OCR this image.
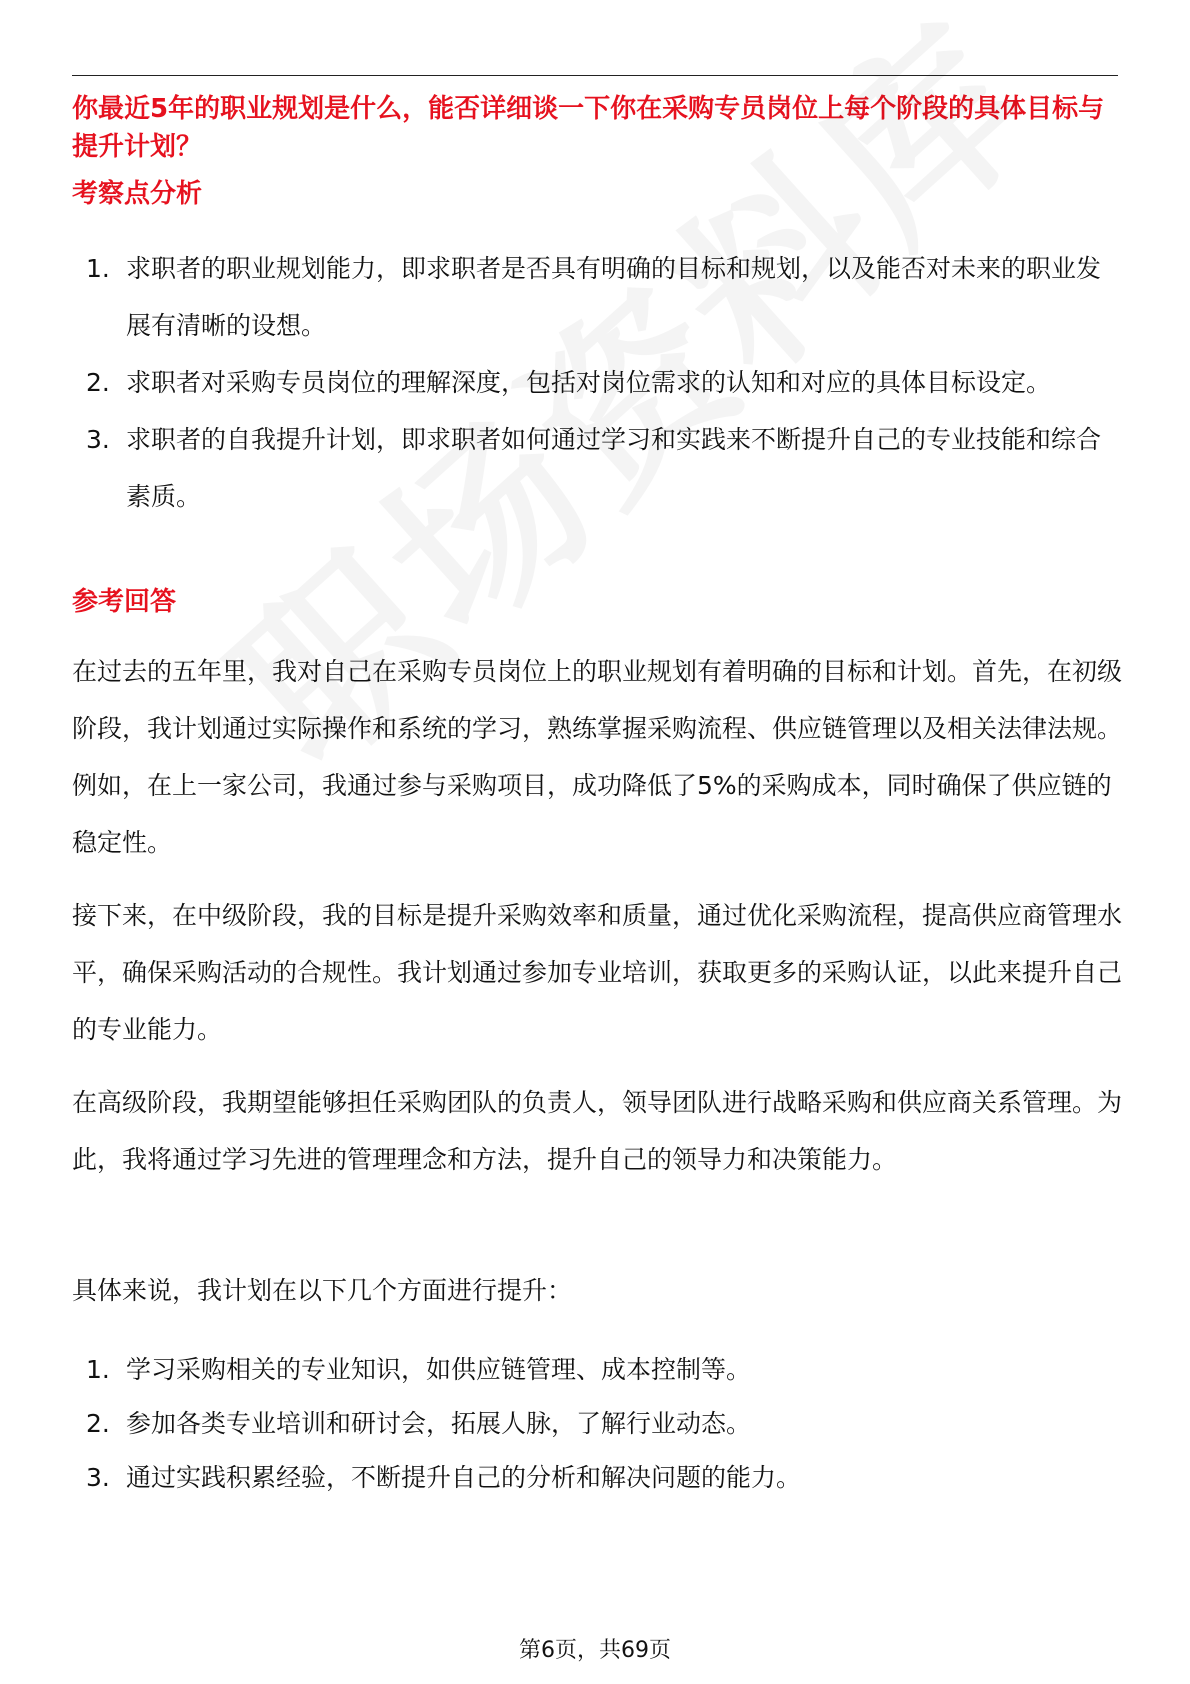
你最近5年的职业规划是什么，能否详细谈一下你在采购专员岗位上每个阶段的具体目标与提升计划？

考察点分析

1. 求职者的职业规划能力，即求职者是否具有明确的目标和规划，以及能否对未来的职业发展有清晰的设想。
2. 求职者对采购专员岗位的理解深度，包括对岗位需求的认知和对应的具体目标设定。
3. 求职者的自我提升计划，即求职者如何通过学习和实践来不断提升自己的专业技能和综合素质。

参考回答

在过去的五年里，我对自己在采购专员岗位上的职业规划有着明确的目标和计划。首先，在初级阶段，我计划通过实际操作和系统的学习，熟练掌握采购流程、供应链管理以及相关法律法规。例如，在上一家公司，我通过参与采购项目，成功降低了5%的采购成本，同时确保了供应链的稳定性。

接下来，在中级阶段，我的目标是提升采购效率和质量，通过优化采购流程，提高供应商管理水平，确保采购活动的合规性。我计划通过参加专业培训，获取更多的采购认证，以此来提升自己的专业能力。

在高级阶段，我期望能够担任采购团队的负责人，领导团队进行战略采购和供应商关系管理。为此，我将通过学习先进的管理理念和方法，提升自己的领导力和决策能力。

具体来说，我计划在以下几个方面进行提升：

1. 学习采购相关的专业知识，如供应链管理、成本控制等。
2. 参加各类专业培训和研讨会，拓展人脉，了解行业动态。
3. 通过实践积累经验，不断提升自己的分析和解决问题的能力。
第6页，共69页
